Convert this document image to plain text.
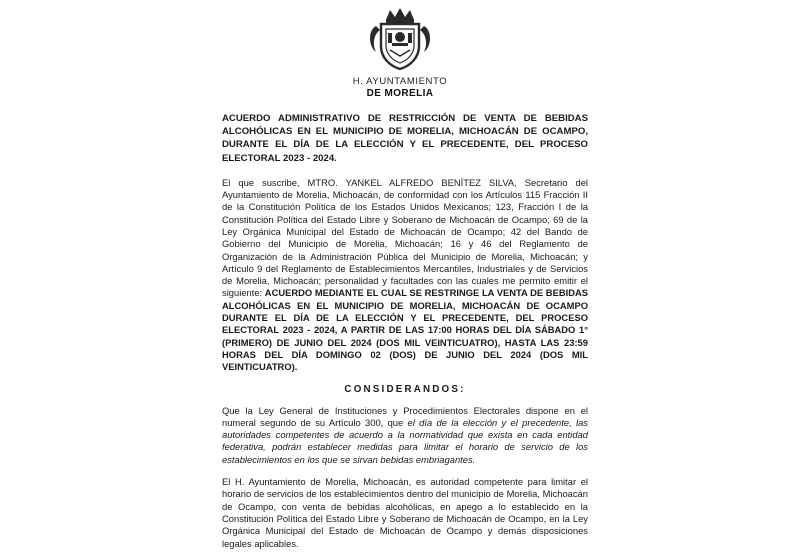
H. AYUNTAMIENTO
DE MORELIA

ACUERDO ADMINISTRATIVO DE RESTRICCIÓN DE VENTA DE BEBIDAS ALCOHÓLICAS EN EL MUNICIPIO DE MORELIA, MICHOACÁN DE OCAMPO, DURANTE EL DÍA DE LA ELECCIÓN Y EL PRECEDENTE, DEL PROCESO ELECTORAL 2023 - 2024.

El que suscribe, MTRO. YANKEL ALFREDO BENÍTEZ SILVA, Secretario del Ayuntamiento de Morelia, Michoacán, de conformidad con los Artículos 115 Fracción II de la Constitución Política de los Estados Unidos Mexicanos; 123, Fracción I de la Constitución Política del Estado Libre y Soberano de Michoacán de Ocampo; 69 de la Ley Orgánica Municipal del Estado de Michoacán de Ocampo; 42 del Bando de Gobierno del Municipio de Morelia, Michoacán; 16 y 46 del Reglamento de Organización de la Administración Pública del Municipio de Morelia, Michoacán; y Artículo 9 del Reglamento de Establecimientos Mercantiles, Industriales y de Servicios de Morelia, Michoacán; personalidad y facultades con las cuales me permito emitir el siguiente: ACUERDO MEDIANTE EL CUAL SE RESTRINGE LA VENTA DE BEBIDAS ALCOHÓLICAS EN EL MUNICIPIO DE MORELIA, MICHOACÁN DE OCAMPO DURANTE EL DÍA DE LA ELECCIÓN Y EL PRECEDENTE, DEL PROCESO ELECTORAL 2023 - 2024, A PARTIR DE LAS 17:00 HORAS DEL DÍA SÁBADO 1° (PRIMERO) DE JUNIO DEL 2024 (DOS MIL VEINTICUATRO), HASTA LAS 23:59 HORAS DEL DÍA DOMINGO 02 (DOS) DE JUNIO DEL 2024 (DOS MIL VEINTICUATRO).

CONSIDERANDOS:

Que la Ley General de Instituciones y Procedimientos Electorales dispone en el numeral segundo de su Artículo 300, que el día de la elección y el precedente, las autoridades competentes de acuerdo a la normatividad que exista en cada entidad federativa, podrán establecer medidas para limitar el horario de servicio de los establecimientos en los que se sirvan bebidas embriagantes.

El H. Ayuntamiento de Morelia, Michoacán, es autoridad competente para limitar el horario de servicios de los establecimientos dentro del municipio de Morelia, Michoacán de Ocampo, con venta de bebidas alcohólicas, en apego a lo establecido en la Constitución Política del Estado Libre y Soberano de Michoacán de Ocampo, en la Ley Orgánica Municipal del Estado de Michoacán de Ocampo y demás disposiciones legales aplicables.
